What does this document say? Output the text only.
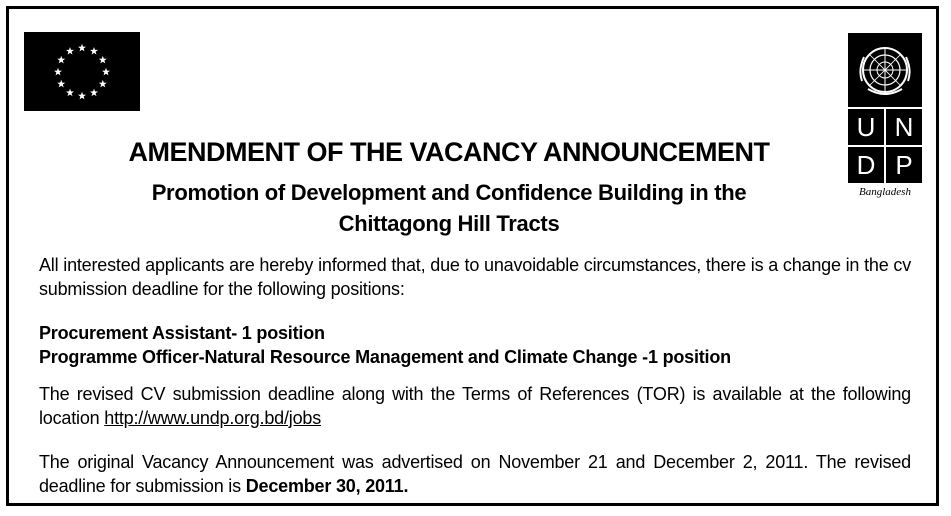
U N
D P
Bangladesh
AMENDMENT OF THE VACANCY ANNOUNCEMENT
Promotion of Development and Confidence Building in the
Chittagong Hill Tracts
All interested applicants are hereby informed that, due to unavoidable circumstances, there is a change in the cv submission deadline for the following positions:
Procurement Assistant- 1 position
Programme Officer-Natural Resource Management and Climate Change -1 position
The revised CV submission deadline along with the Terms of References (TOR) is available at the following location http://www.undp.org.bd/jobs
The original Vacancy Announcement was advertised on November 21 and December 2, 2011. The revised deadline for submission is December 30, 2011.
